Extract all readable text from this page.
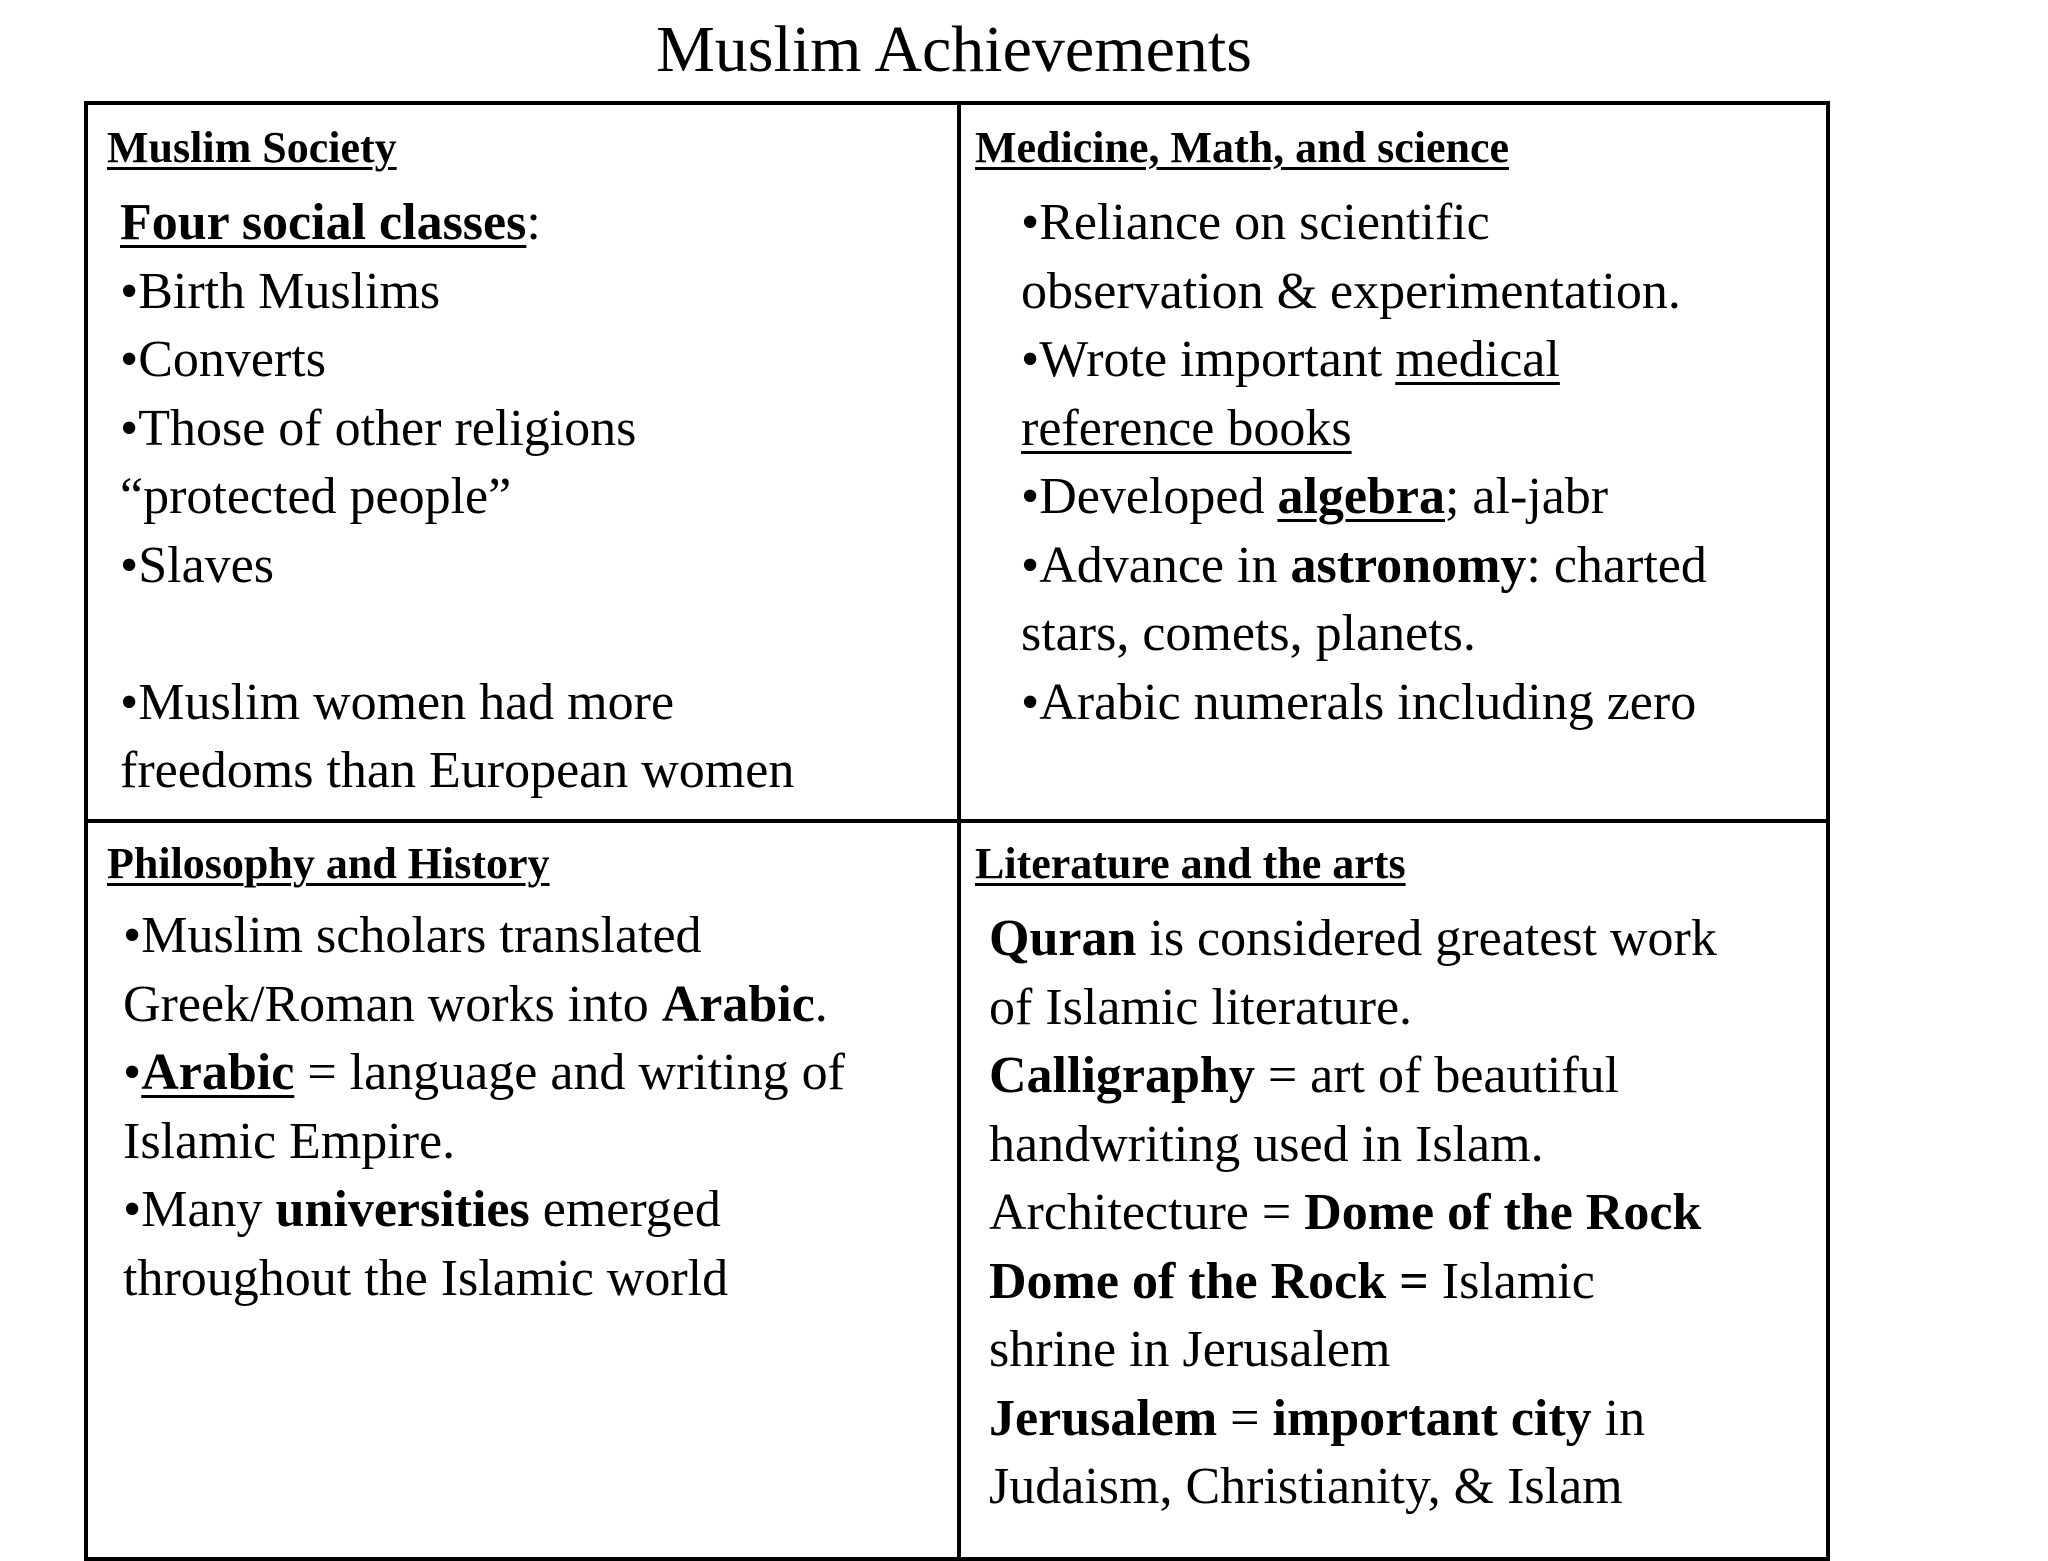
Muslim Achievements
Muslim Society
Four social classes:
•Birth Muslims
•Converts
•Those of other religions
“protected people”
•Slaves
•Muslim women had more
freedoms than European women
Medicine, Math, and science
•Reliance on scientific
observation & experimentation.
•Wrote important medical
reference books
•Developed algebra; al-jabr
•Advance in astronomy: charted
stars, comets, planets.
•Arabic numerals including zero
Philosophy and History
•Muslim scholars translated
Greek/Roman works into Arabic.
•Arabic = language and writing of
Islamic Empire.
•Many universities emerged
throughout the Islamic world
Literature and the arts
Quran is considered greatest work
of Islamic literature.
Calligraphy = art of beautiful
handwriting used in Islam.
Architecture = Dome of the Rock
Dome of the Rock = Islamic
shrine in Jerusalem
Jerusalem = important city in
Judaism, Christianity, & Islam
